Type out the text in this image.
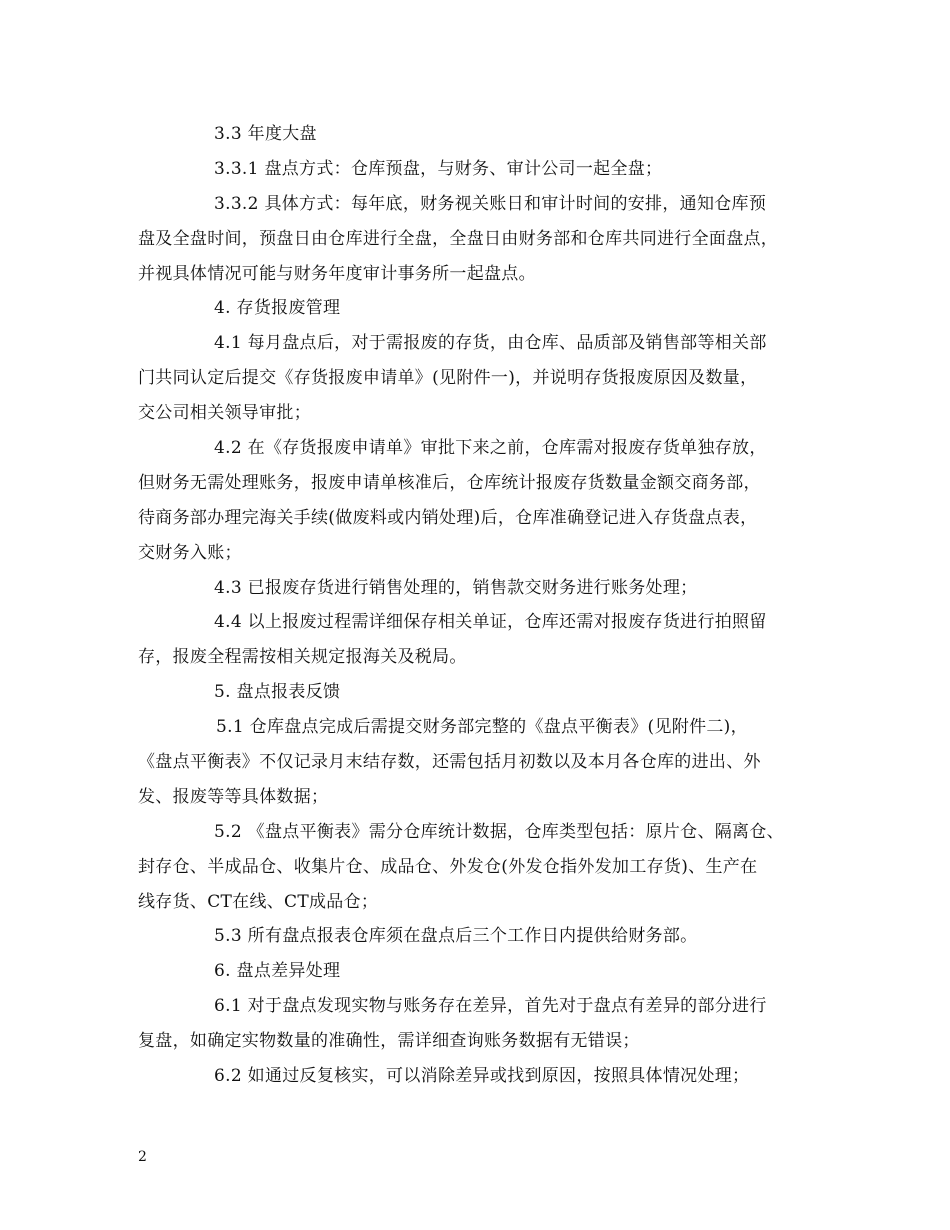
3.3 年度大盘
3.3.1 盘点方式：仓库预盘，与财务、审计公司一起全盘；
3.3.2 具体方式：每年底，财务视关账日和审计时间的安排，通知仓库预
盘及全盘时间，预盘日由仓库进行全盘，全盘日由财务部和仓库共同进行全面盘点，
并视具体情况可能与财务年度审计事务所一起盘点。
4. 存货报废管理
4.1 每月盘点后，对于需报废的存货，由仓库、品质部及销售部等相关部
门共同认定后提交《存货报废申请单》(见附件一)，并说明存货报废原因及数量，
交公司相关领导审批；
4.2 在《存货报废申请单》审批下来之前，仓库需对报废存货单独存放，
但财务无需处理账务，报废申请单核准后，仓库统计报废存货数量金额交商务部，
待商务部办理完海关手续(做废料或内销处理)后，仓库准确登记进入存货盘点表，
交财务入账；
4.3 已报废存货进行销售处理的，销售款交财务进行账务处理；
4.4 以上报废过程需详细保存相关单证，仓库还需对报废存货进行拍照留
存，报废全程需按相关规定报海关及税局。
5. 盘点报表反馈
5.1 仓库盘点完成后需提交财务部完整的《盘点平衡表》(见附件二)，
《盘点平衡表》不仅记录月末结存数，还需包括月初数以及本月各仓库的进出、外
发、报废等等具体数据；
5.2 《盘点平衡表》需分仓库统计数据，仓库类型包括：原片仓、隔离仓、
封存仓、半成品仓、收集片仓、成品仓、外发仓(外发仓指外发加工存货)、生产在
线存货、CT在线、CT成品仓；
5.3 所有盘点报表仓库须在盘点后三个工作日内提供给财务部。
6. 盘点差异处理
6.1 对于盘点发现实物与账务存在差异，首先对于盘点有差异的部分进行
复盘，如确定实物数量的准确性，需详细查询账务数据有无错误；
6.2 如通过反复核实，可以消除差异或找到原因，按照具体情况处理；
2
